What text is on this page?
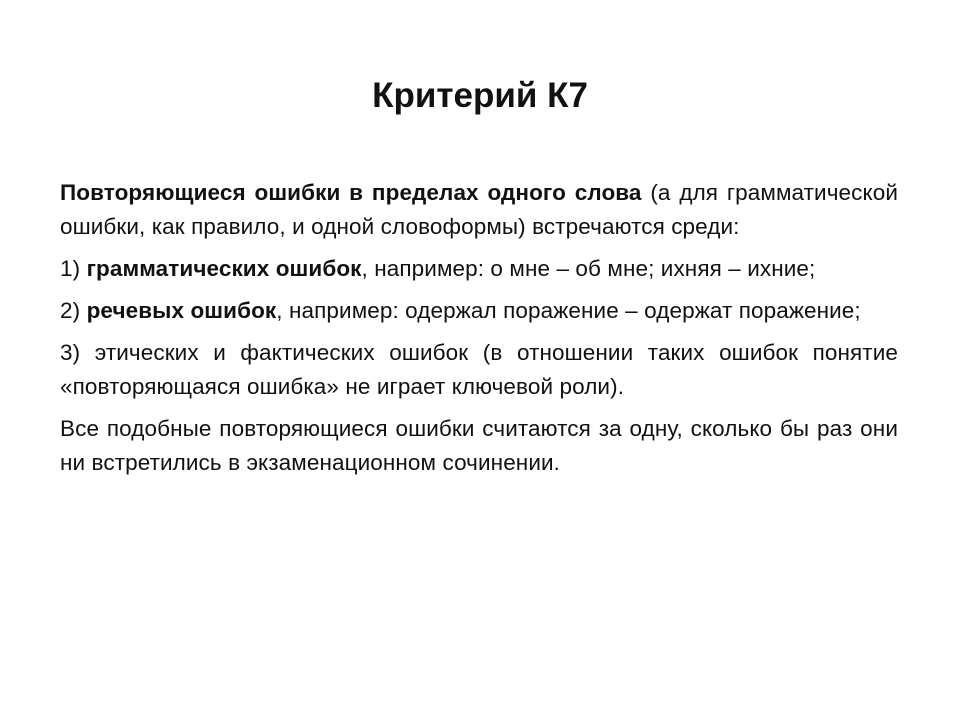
Критерий К7

Повторяющиеся ошибки в пределах одного слова (а для грамматической ошибки, как правило, и одной словоформы) встречаются среди:

1) грамматических ошибок, например: о мне – об мне; ихняя – ихние;

2) речевых ошибок, например: одержал поражение – одержат поражение;

3) этических и фактических ошибок (в отношении таких ошибок понятие «повторяющаяся ошибка» не играет ключевой роли).

Все подобные повторяющиеся ошибки считаются за одну, сколько бы раз они ни встретились в экзаменационном сочинении.
